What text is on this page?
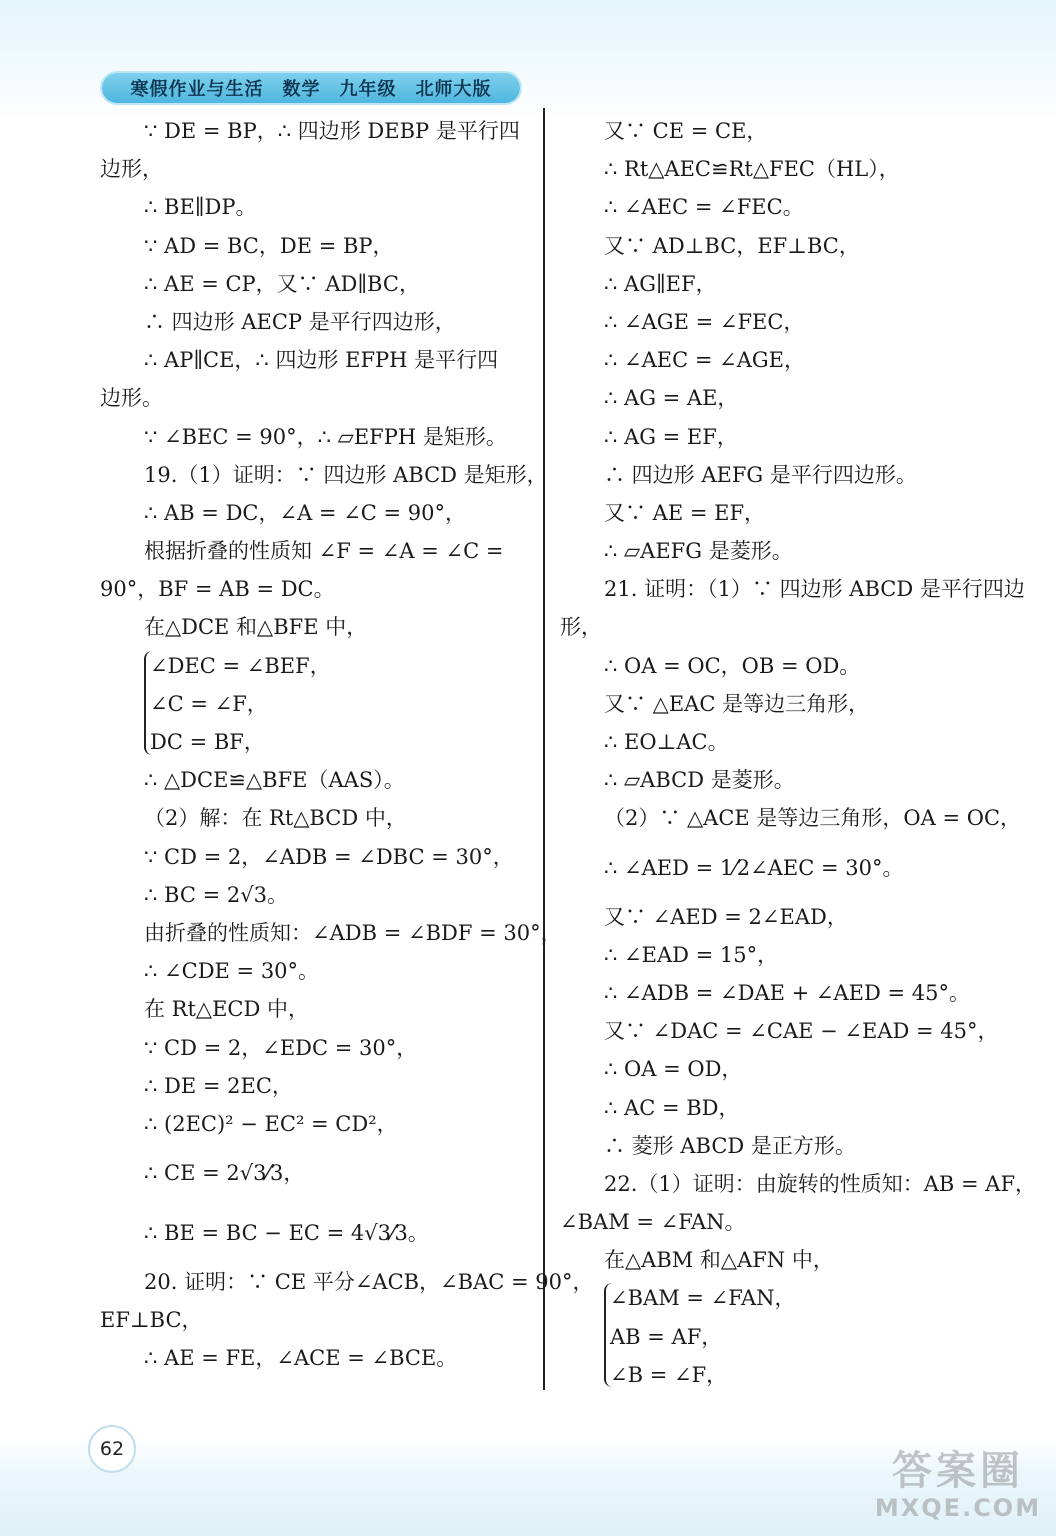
寒假作业与生活　数学　九年级　北师大版
∵ DE = BP，∴ 四边形 DEBP 是平行四
边形，
∴ BE∥DP。
∵ AD = BC，DE = BP，
∴ AE = CP，又∵ AD∥BC，
∴ 四边形 AECP 是平行四边形，
∴ AP∥CE，∴ 四边形 EFPH 是平行四
边形。
∵ ∠BEC = 90°，∴ ▱EFPH 是矩形。
19.（1）证明：∵ 四边形 ABCD 是矩形，
∴ AB = DC，∠A = ∠C = 90°，
根据折叠的性质知 ∠F = ∠A = ∠C =
90°，BF = AB = DC。
在△DCE 和△BFE 中，
∠DEC = ∠BEF，
∠C = ∠F，
DC = BF，
∴ △DCE≌△BFE（AAS）。
（2）解：在 Rt△BCD 中，
∵ CD = 2，∠ADB = ∠DBC = 30°，
∴ BC = 2√3。
由折叠的性质知：∠ADB = ∠BDF = 30°，
∴ ∠CDE = 30°。
在 Rt△ECD 中，
∵ CD = 2，∠EDC = 30°，
∴ DE = 2EC，
∴ (2EC)² − EC² = CD²，
∴ CE = 2√3⁄3，
∴ BE = BC − EC = 4√3⁄3。
20. 证明：∵ CE 平分∠ACB，∠BAC = 90°，
EF⊥BC，
∴ AE = FE，∠ACE = ∠BCE。
又∵ CE = CE，
∴ Rt△AEC≌Rt△FEC（HL），
∴ ∠AEC = ∠FEC。
又∵ AD⊥BC，EF⊥BC，
∴ AG∥EF，
∴ ∠AGE = ∠FEC，
∴ ∠AEC = ∠AGE，
∴ AG = AE，
∴ AG = EF，
∴ 四边形 AEFG 是平行四边形。
又∵ AE = EF，
∴ ▱AEFG 是菱形。
21. 证明：（1）∵ 四边形 ABCD 是平行四边
形，
∴ OA = OC，OB = OD。
又∵ △EAC 是等边三角形，
∴ EO⊥AC。
∴ ▱ABCD 是菱形。
（2）∵ △ACE 是等边三角形，OA = OC，
∴ ∠AED = 1⁄2∠AEC = 30°。
又∵ ∠AED = 2∠EAD，
∴ ∠EAD = 15°，
∴ ∠ADB = ∠DAE + ∠AED = 45°。
又∵ ∠DAC = ∠CAE − ∠EAD = 45°，
∴ OA = OD，
∴ AC = BD，
∴ 菱形 ABCD 是正方形。
22.（1）证明：由旋转的性质知：AB = AF，
∠BAM = ∠FAN。
在△ABM 和△AFN 中，
∠BAM = ∠FAN，
AB = AF，
∠B = ∠F，
62	答案圈
MXQE.COM
